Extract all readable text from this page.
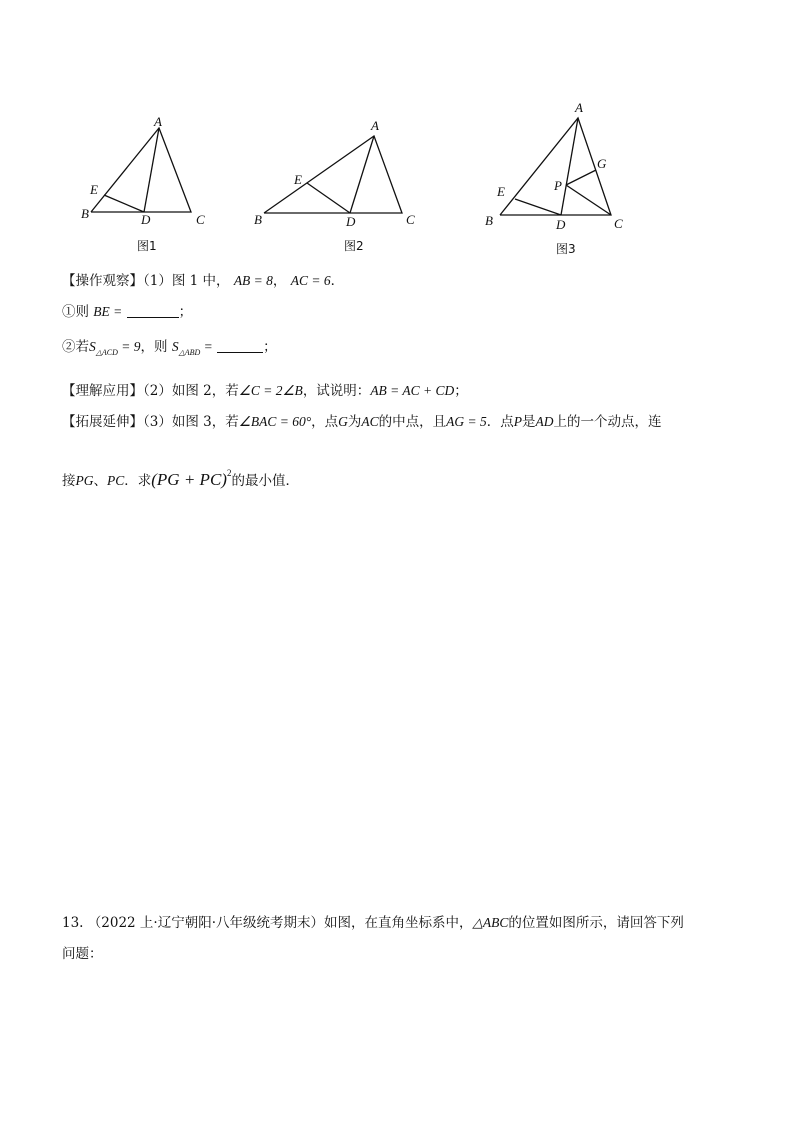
A
B	C
D
E
图1
A
B	C
D
E
图2
A
B	C
D
E
G
P
图3
【操作观察】（1）图 1 中， AB = 8， AC = 6．
①则 BE =	；
②若$S_{\triangle ACD} = 9$，则 $S_{\triangle ABD}$ =	；
【理解应用】（2）如图 2，若∠C = 2∠B，试说明：AB = AC + CD；
【拓展延伸】（3）如图 3，若∠BAC = 60°，点G为AC的中点，且AG = 5．点P是AD上的一个动点，连
接PG、PC．求(PG + PC)$^2$的最小值．
13. （2022 上·辽宁朝阳·八年级统考期末）如图，在直角坐标系中，△ABC的位置如图所示，请回答下列
问题：
